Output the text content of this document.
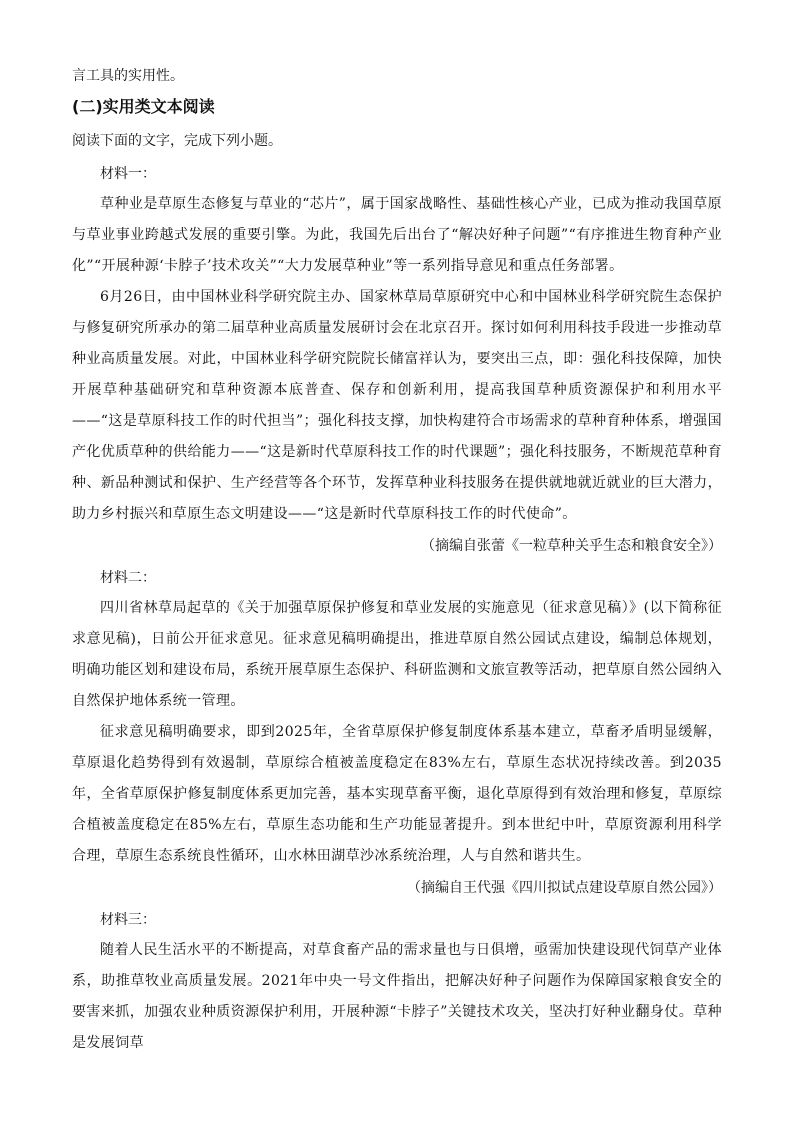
言工具的实用性。
(二)实用类文本阅读
阅读下面的文字，完成下列小题。
材料一：
草种业是草原生态修复与草业的“芯片”，属于国家战略性、基础性核心产业，已成为推动我国草原与草业事业跨越式发展的重要引擎。为此，我国先后出台了“解决好种子问题”“有序推进生物育种产业化”“开展种源‘卡脖子’技术攻关”“大力发展草种业”等一系列指导意见和重点任务部署。
6月26日，由中国林业科学研究院主办、国家林草局草原研究中心和中国林业科学研究院生态保护与修复研究所承办的第二届草种业高质量发展研讨会在北京召开。探讨如何利用科技手段进一步推动草种业高质量发展。对此，中国林业科学研究院院长储富祥认为，要突出三点，即：强化科技保障，加快开展草种基础研究和草种资源本底普查、保存和创新利用，提高我国草种质资源保护和利用水平——“这是草原科技工作的时代担当”；强化科技支撑，加快构建符合市场需求的草种育种体系，增强国产化优质草种的供给能力——“这是新时代草原科技工作的时代课题”；强化科技服务，不断规范草种育种、新品种测试和保护、生产经营等各个环节，发挥草种业科技服务在提供就地就近就业的巨大潜力，助力乡村振兴和草原生态文明建设——“这是新时代草原科技工作的时代使命”。
（摘编自张蕾《一粒草种关乎生态和粮食安全》）
材料二：
四川省林草局起草的《关于加强草原保护修复和草业发展的实施意见（征求意见稿）》(以下简称征求意见稿)，日前公开征求意见。征求意见稿明确提出，推进草原自然公园试点建设，编制总体规划，明确功能区划和建设布局，系统开展草原生态保护、科研监测和文旅宣教等活动，把草原自然公园纳入自然保护地体系统一管理。
征求意见稿明确要求，即到2025年，全省草原保护修复制度体系基本建立，草畜矛盾明显缓解，草原退化趋势得到有效遏制，草原综合植被盖度稳定在83%左右，草原生态状况持续改善。到2035年，全省草原保护修复制度体系更加完善，基本实现草畜平衡，退化草原得到有效治理和修复，草原综合植被盖度稳定在85%左右，草原生态功能和生产功能显著提升。到本世纪中叶，草原资源利用科学合理，草原生态系统良性循环，山水林田湖草沙冰系统治理，人与自然和谐共生。
（摘编自王代强《四川拟试点建设草原自然公园》）
材料三：
随着人民生活水平的不断提高，对草食畜产品的需求量也与日俱增，亟需加快建设现代饲草产业体系，助推草牧业高质量发展。2021年中央一号文件指出，把解决好种子问题作为保障国家粮食安全的要害来抓，加强农业种质资源保护利用，开展种源“卡脖子”关键技术攻关，坚决打好种业翻身仗。草种是发展饲草
